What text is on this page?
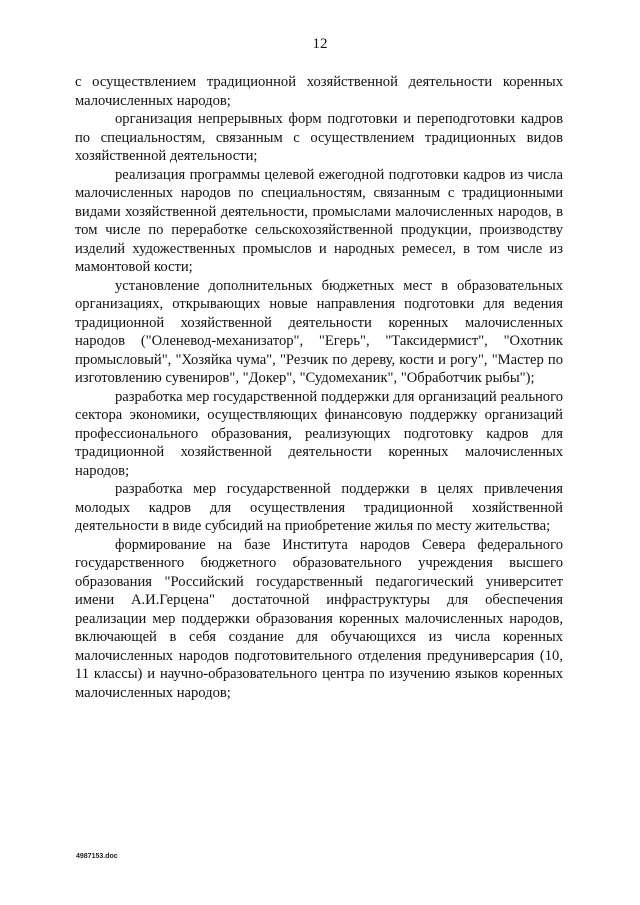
12

с осуществлением традиционной хозяйственной деятельности коренных малочисленных народов;

организация непрерывных форм подготовки и переподготовки кадров по специальностям, связанным с осуществлением традиционных видов хозяйственной деятельности;

реализация программы целевой ежегодной подготовки кадров из числа малочисленных народов по специальностям, связанным с традиционными видами хозяйственной деятельности, промыслами малочисленных народов, в том числе по переработке сельскохозяйственной продукции, производству изделий художественных промыслов и народных ремесел, в том числе из мамонтовой кости;

установление дополнительных бюджетных мест в образовательных организациях, открывающих новые направления подготовки для ведения традиционной хозяйственной деятельности коренных малочисленных народов ("Оленевод-механизатор", "Егерь", "Таксидермист", "Охотник промысловый", "Хозяйка чума", "Резчик по дереву, кости и рогу", "Мастер по изготовлению сувениров", "Докер", "Судомеханик", "Обработчик рыбы");

разработка мер государственной поддержки для организаций реального сектора экономики, осуществляющих финансовую поддержку организаций профессионального образования, реализующих подготовку кадров для традиционной хозяйственной деятельности коренных малочисленных народов;

разработка мер государственной поддержки в целях привлечения молодых кадров для осуществления традиционной хозяйственной деятельности в виде субсидий на приобретение жилья по месту жительства;

формирование на базе Института народов Севера федерального государственного бюджетного образовательного учреждения высшего образования "Российский государственный педагогический университет имени А.И.Герцена" достаточной инфраструктуры для обеспечения реализации мер поддержки образования коренных малочисленных народов, включающей в себя создание для обучающихся из числа коренных малочисленных народов подготовительного отделения предуниверсария (10, 11 классы) и научно-образовательного центра по изучению языков коренных малочисленных народов;

4987153.doc
